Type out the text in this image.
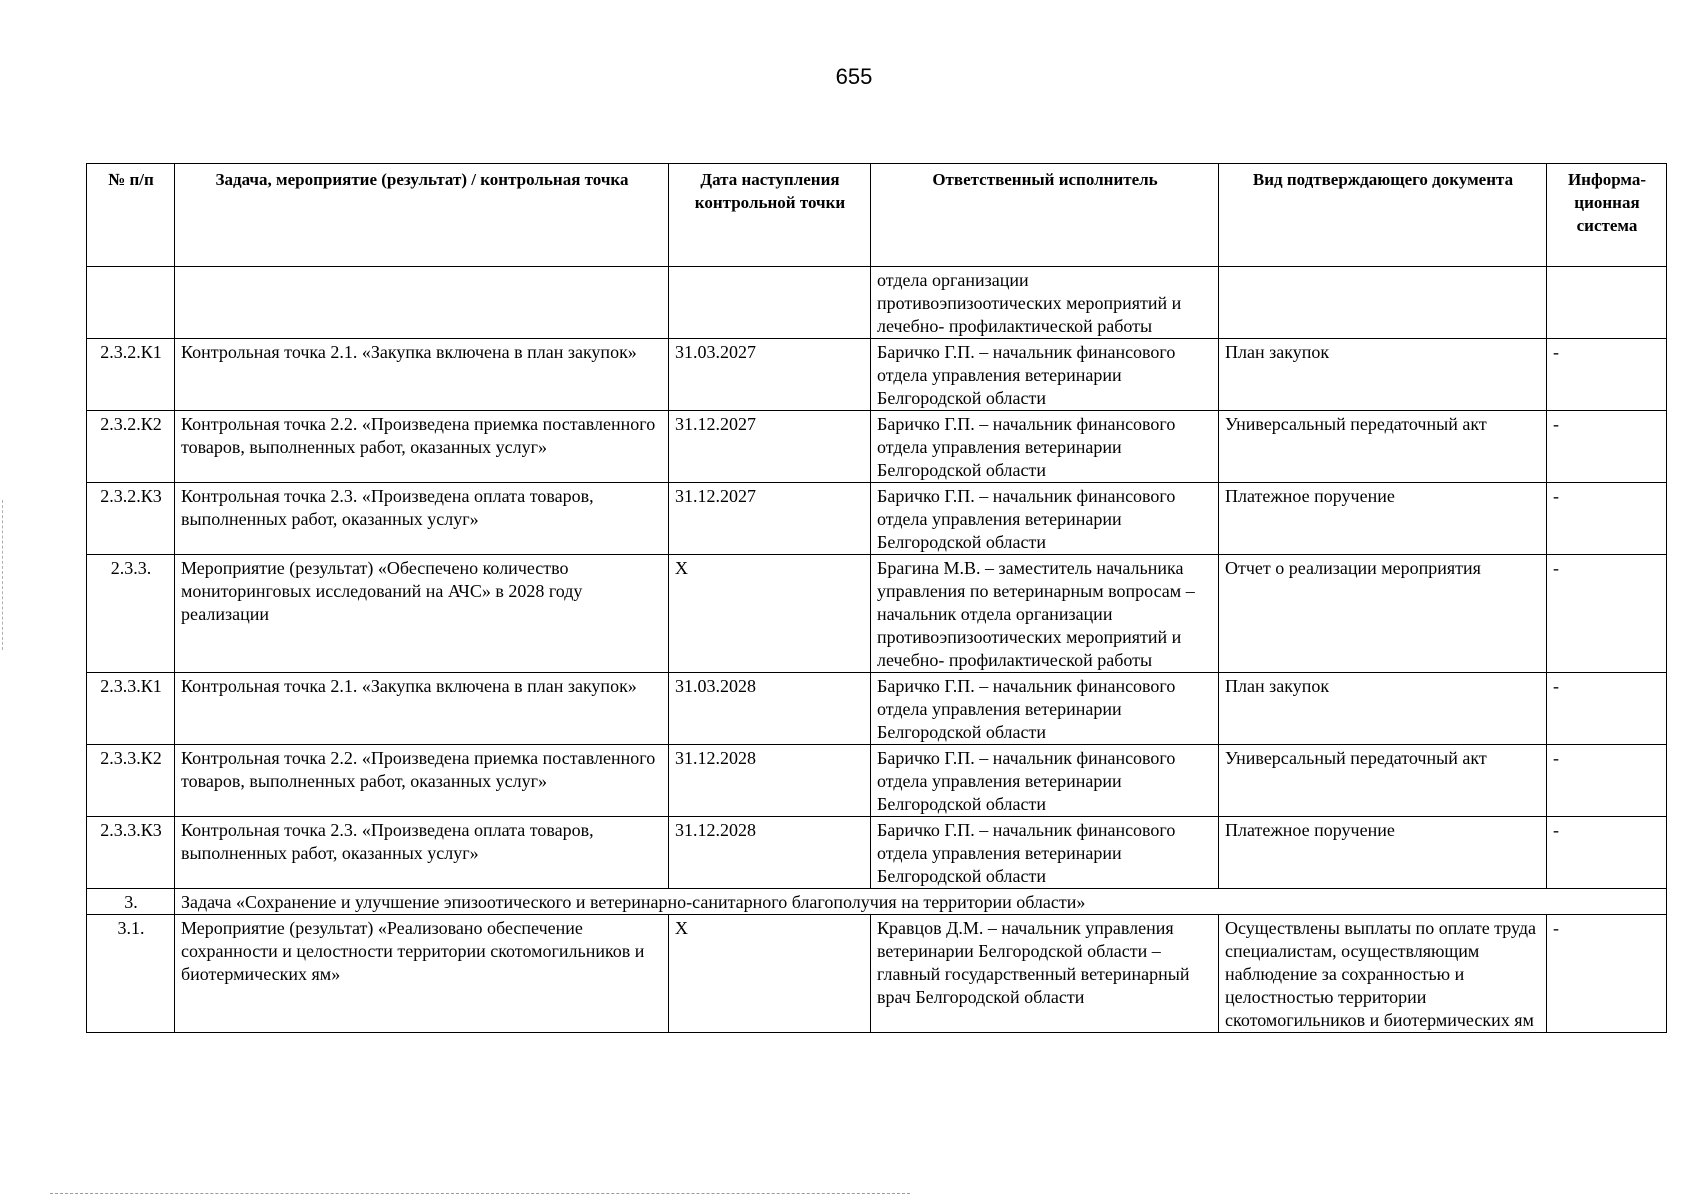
655
№ п/п	Задача, мероприятие (результат) / контрольная точка	Дата наступления контрольной точки	Ответственный исполнитель	Вид подтверждающего документа	Информа-ционная система
			отдела организации противоэпизоотических мероприятий и лечебно- профилактической работы		
2.3.2.К1	Контрольная точка 2.1. «Закупка включена в план закупок»	31.03.2027	Баричко Г.П. – начальник финансового отдела управления ветеринарии Белгородской области	План закупок	-
2.3.2.К2	Контрольная точка 2.2. «Произведена приемка поставленного товаров, выполненных работ, оказанных услуг»	31.12.2027	Баричко Г.П. – начальник финансового отдела управления ветеринарии Белгородской области	Универсальный передаточный акт	-
2.3.2.К3	Контрольная точка 2.3. «Произведена оплата товаров, выполненных работ, оказанных услуг»	31.12.2027	Баричко Г.П. – начальник финансового отдела управления ветеринарии Белгородской области	Платежное поручение	-
2.3.3.	Мероприятие (результат) «Обеспечено количество мониторинговых исследований на АЧС» в 2028 году реализации	Х	Брагина М.В. – заместитель начальника управления по ветеринарным вопросам – начальник отдела организации противоэпизоотических мероприятий и лечебно- профилактической работы	Отчет о реализации мероприятия	-
2.3.3.К1	Контрольная точка 2.1. «Закупка включена в план закупок»	31.03.2028	Баричко Г.П. – начальник финансового отдела управления ветеринарии Белгородской области	План закупок	-
2.3.3.К2	Контрольная точка 2.2. «Произведена приемка поставленного товаров, выполненных работ, оказанных услуг»	31.12.2028	Баричко Г.П. – начальник финансового отдела управления ветеринарии Белгородской области	Универсальный передаточный акт	-
2.3.3.К3	Контрольная точка 2.3. «Произведена оплата товаров, выполненных работ, оказанных услуг»	31.12.2028	Баричко Г.П. – начальник финансового отдела управления ветеринарии Белгородской области	Платежное поручение	-
3.	Задача «Сохранение и улучшение эпизоотического и ветеринарно-санитарного благополучия на территории области»				
3.1.	Мероприятие (результат) «Реализовано обеспечение сохранности и целостности территории скотомогильников и биотермических ям»	Х	Кравцов Д.М. – начальник управления ветеринарии Белгородской области –главный государственный ветеринарный врач Белгородской области	Осуществлены выплаты по оплате труда специалистам, осуществляющим наблюдение за сохранностью и целостностью территории скотомогильников и биотермических ям	-
